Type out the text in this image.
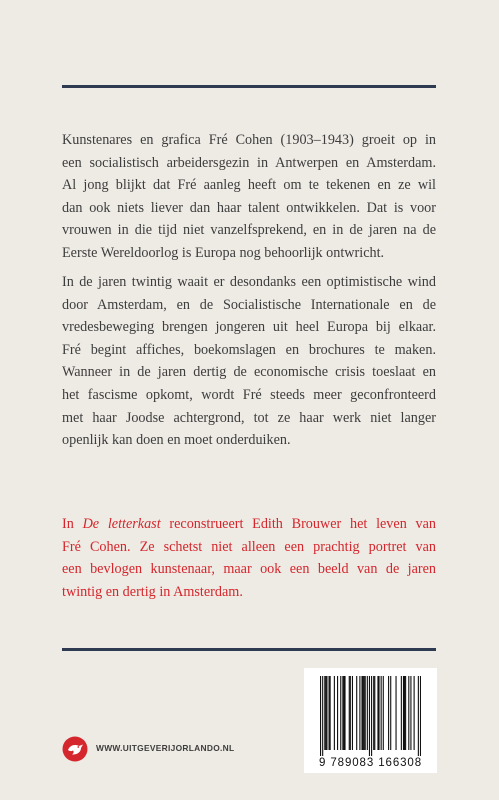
Kunstenares en grafica Fré Cohen (1903–1943) groeit op in
een socialistisch arbeidersgezin in Antwerpen en Amsterdam.
Al jong blijkt dat Fré aanleg heeft om te tekenen en ze wil
dan ook niets liever dan haar talent ontwikkelen. Dat is voor
vrouwen in die tijd niet vanzelfsprekend, en in de jaren na de
Eerste Wereldoorlog is Europa nog behoorlijk ontwricht.
In de jaren twintig waait er desondanks een optimistische wind
door Amsterdam, en de Socialistische Internationale en de
vredesbeweging brengen jongeren uit heel Europa bij elkaar.
Fré begint affiches, boekomslagen en brochures te maken.
Wanneer in de jaren dertig de economische crisis toeslaat en
het fascisme opkomt, wordt Fré steeds meer geconfronteerd
met haar Joodse achtergrond, tot ze haar werk niet langer
openlijk kan doen en moet onderduiken.
In De letterkast reconstrueert Edith Brouwer het leven van
Fré Cohen. Ze schetst niet alleen een prachtig portret van
een bevlogen kunstenaar, maar ook een beeld van de jaren
twintig en dertig in Amsterdam.
WWW.UITGEVERIJORLANDO.NL
9 789083 166308
